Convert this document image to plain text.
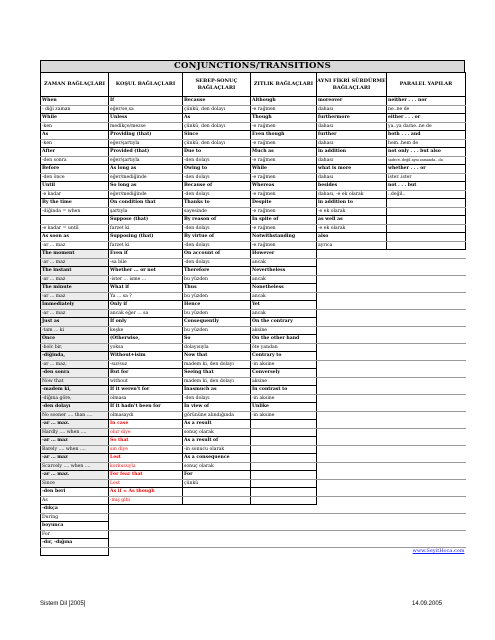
CONJUNCTIONS/TRANSITIONS
ZAMAN BAĞLAÇLARI	KOŞUL BAĞLAÇLARI	SEBEP-SONUÇ BAĞLAÇLARI	ZITLIK BAĞLAÇLARI	AYNI FİKRİ SÜRDÜRME BAĞLAÇLARI	PARALEL YAPILAR
When	If	Because	Although	moreover	neither . . . nor
- diği zaman	eğer/se,sa	çünkü, den dolayı	-e rağmen	dahası	ne..ne de
While	Unless	As	Though	furthermore	either . . . or
-ken	medikçe/mezse	çünkü, den dolayı	-e rağmen	dahası	ya..ya da/ne..ne de
As	Providing (that)	Since	Even though	further	both . . . and
-ken	eğer/şartıyla	çünkü, den dolayı	-e rağmen	dahası	hem..hem de
After	Provided (that)	Due to	Much as	in addition	not only . . . but also
-den sonra	eğer/şartıyla	-den dolayı	-e rağmen	dahası	sadece..değil aynı zamanda...da
Before	As long as	Owing to	While	what is more	whether . . . or
-den önce	eğer/mediğinde	-den dolayı	-e rağmen	dahası	ister..ister
Until	So long as	Because of	Whereas	besides	not . . . but
-e kadar	eğer/mediğinde	-den dolayı	-e rağmen	dahası, -e ek olarak	..değil..
By the time	On condition that	Thanks to	Despite	in addition to	
-diğinda = when	şartıyla	sayesinde	-e rağmen	-e ek olarak	
	Suppose (that)	By reason of	In spite of	as well as	
-e kadar = until	farzet ki	-den dolayı	-e rağmen	-e ek olarak	
As soon as	Supposing (that)	By virtue of	Notwithstanding	also	
-ar ... maz	farzet ki	-den dolayı	-e rağmen	ayrıca	
The moment	Even if	On account of	However		
-ar ... maz	-sa bile	-den dolayı	ancak		
The instant	Whether ... or not	Therefore	Nevertheless		
-ar ... maz	-ister ... isme ...	bu yüzden	ancak		
The minute	What if	Thus	Nonetheless		
-ar ... maz	Ya ... sa ?	bu yüzden	ancak		
Immediately	Only if	Hence	Yet		
-ar ... maz	ancak eğer ... sa	bu yüzden	ancak		
Just as	If only	Consequently	On the contrary		
-tam ... ki	keşke	bu yüzden	aksine		
Once	(Otherwise,	So	On the other hand		
-bolc bir,	yoksa	dolayısıyla	öte yandan		
-diğinda,	Without+isim	Now that	Contrary to		
-ar ... maz,	-sız/suz	madem ki, den dolayı	-in aksine		
-den sonra	But for	Seeing that	Conversely		
Now that	without	madem ki, den dolayı	aksine		
-madem ki,	If it weren't for	Inasmuch as	In contrast to		
-diğına göre,	olmasa	-den dolayı	-in aksine		
-den dolayı	If it hadn't been for	In view of	Unlike		
No sooner .... than ....	olmasaydı	görününe alındığında	-in aksine		
-ar ... maz.	In case	As a result			
Hardly .... when ....	olur diye	sonuç olarak			
-ar ... maz	So that	As a result of			
Barely .... when ....	sın diye	-in sonucu olarak			
-ar ... maz	Lest	As a consequence			
Scarcely .... when ....	korkusuyla	sonuç olarak			
-ar ... maz.	For fear that	For			
Since	Lest	çünkü			
-den beri	As if = As though				
As	-mış gibi				
-dıkça					
During					
boyunca					
For					
-dır, -dığına					
					www.SeyitHoca.com
Sistem Dil [2005]	14.09.2005
